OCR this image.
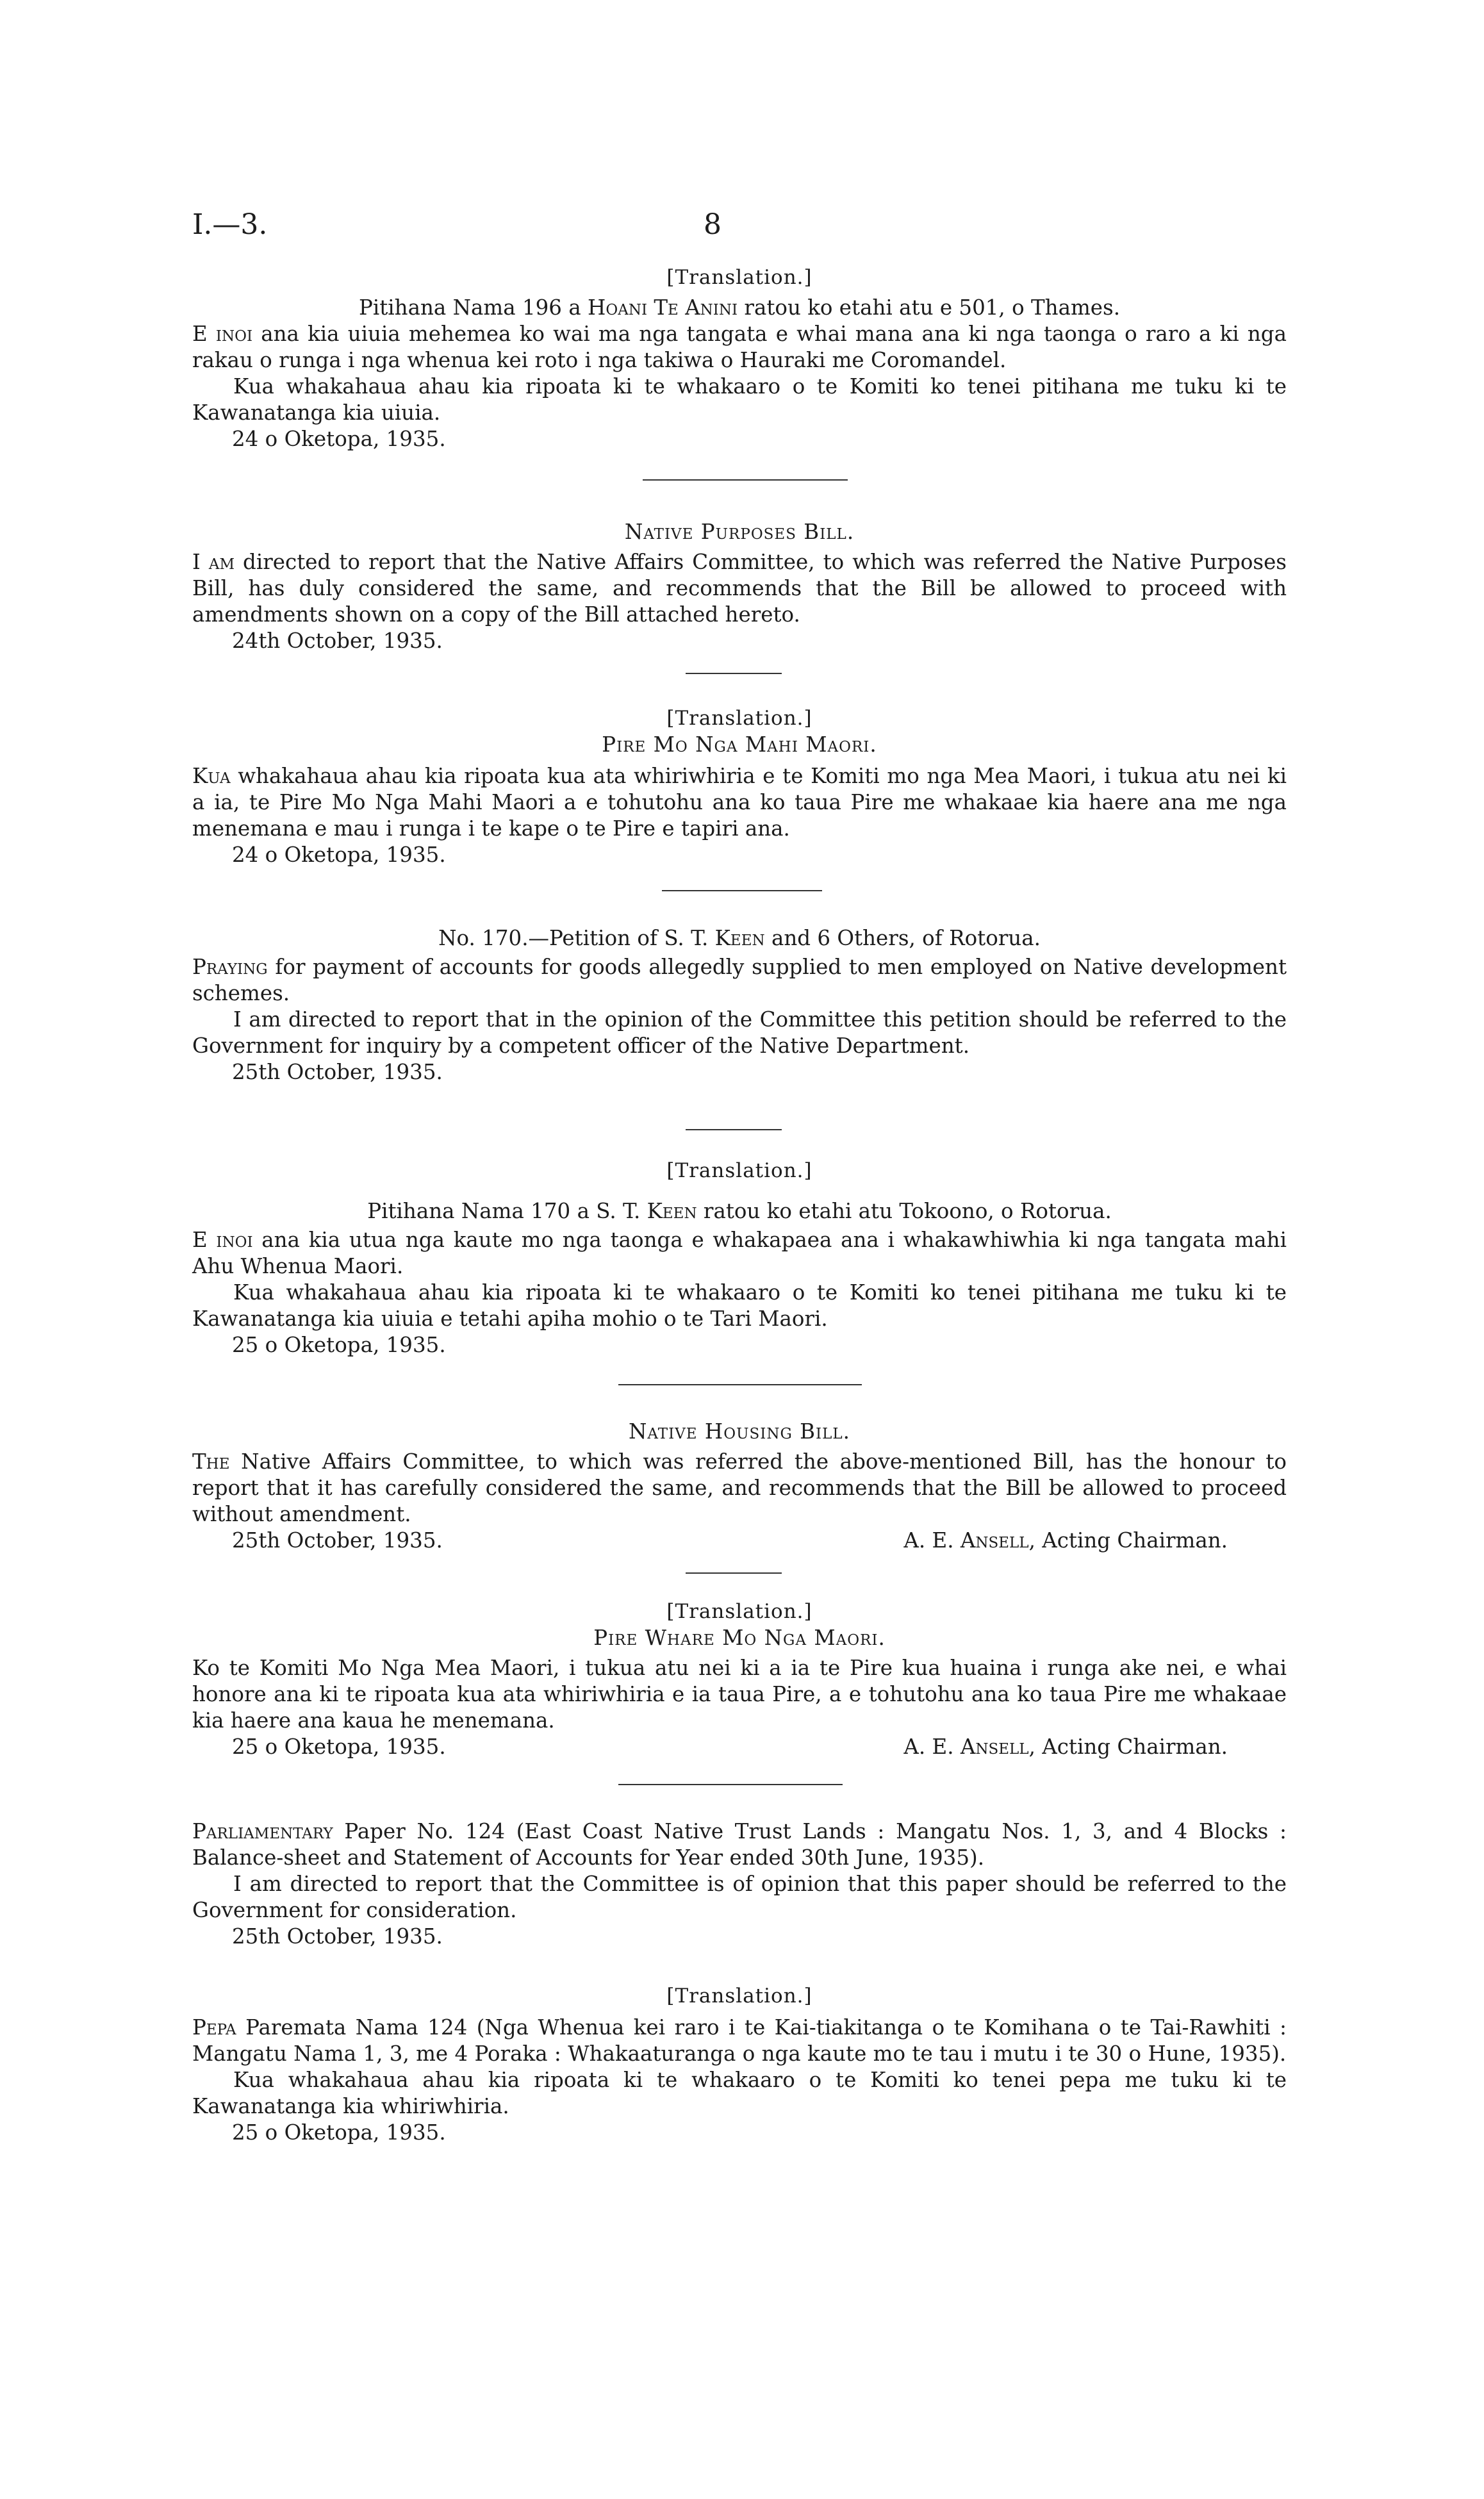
I.—3.	8

[Translation.]

Pitihana Nama 196 a Hoani Te Anini ratou ko etahi atu e 501, o Thames.

E inoi ana kia uiuia mehemea ko wai ma nga tangata e whai mana ana ki nga taonga o raro a ki nga rakau o runga i nga whenua kei roto i nga takiwa o Hauraki me Coromandel.

Kua whakahaua ahau kia ripoata ki te whakaaro o te Komiti ko tenei pitihana me tuku ki te Kawanatanga kia uiuia.

24 o Oketopa, 1935.

Native Purposes Bill.

I am directed to report that the Native Affairs Committee, to which was referred the Native Purposes Bill, has duly considered the same, and recommends that the Bill be allowed to proceed with amendments shown on a copy of the Bill attached hereto.

24th October, 1935.

[Translation.]

Pire Mo Nga Mahi Maori.

Kua whakahaua ahau kia ripoata kua ata whiriwhiria e te Komiti mo nga Mea Maori, i tukua atu nei ki a ia, te Pire Mo Nga Mahi Maori a e tohutohu ana ko taua Pire me whakaae kia haere ana me nga menemana e mau i runga i te kape o te Pire e tapiri ana.

24 o Oketopa, 1935.

No. 170.—Petition of S. T. Keen and 6 Others, of Rotorua.

Praying for payment of accounts for goods allegedly supplied to men employed on Native development schemes.

I am directed to report that in the opinion of the Committee this petition should be referred to the Government for inquiry by a competent officer of the Native Department.

25th October, 1935.

[Translation.]

Pitihana Nama 170 a S. T. Keen ratou ko etahi atu Tokoono, o Rotorua.

E inoi ana kia utua nga kaute mo nga taonga e whakapaea ana i whakawhiwhia ki nga tangata mahi Ahu Whenua Maori.

Kua whakahaua ahau kia ripoata ki te whakaaro o te Komiti ko tenei pitihana me tuku ki te Kawanatanga kia uiuia e tetahi apiha mohio o te Tari Maori.

25 o Oketopa, 1935.

Native Housing Bill.

The Native Affairs Committee, to which was referred the above-mentioned Bill, has the honour to report that it has carefully considered the same, and recommends that the Bill be allowed to proceed without amendment.

25th October, 1935.	A. E. Ansell, Acting Chairman.

[Translation.]

Pire Whare Mo Nga Maori.

Ko te Komiti Mo Nga Mea Maori, i tukua atu nei ki a ia te Pire kua huaina i runga ake nei, e whai honore ana ki te ripoata kua ata whiriwhiria e ia taua Pire, a e tohutohu ana ko taua Pire me whakaae kia haere ana kaua he menemana.

25 o Oketopa, 1935.	A. E. Ansell, Acting Chairman.

Parliamentary Paper No. 124 (East Coast Native Trust Lands : Mangatu Nos. 1, 3, and 4 Blocks : Balance-sheet and Statement of Accounts for Year ended 30th June, 1935).

I am directed to report that the Committee is of opinion that this paper should be referred to the Government for consideration.

25th October, 1935.

[Translation.]

Pepa Paremata Nama 124 (Nga Whenua kei raro i te Kai-tiakitanga o te Komihana o te Tai-Rawhiti : Mangatu Nama 1, 3, me 4 Poraka : Whakaaturanga o nga kaute mo te tau i mutu i te 30 o Hune, 1935).

Kua whakahaua ahau kia ripoata ki te whakaaro o te Komiti ko tenei pepa me tuku ki te Kawanatanga kia whiriwhiria.

25 o Oketopa, 1935.
